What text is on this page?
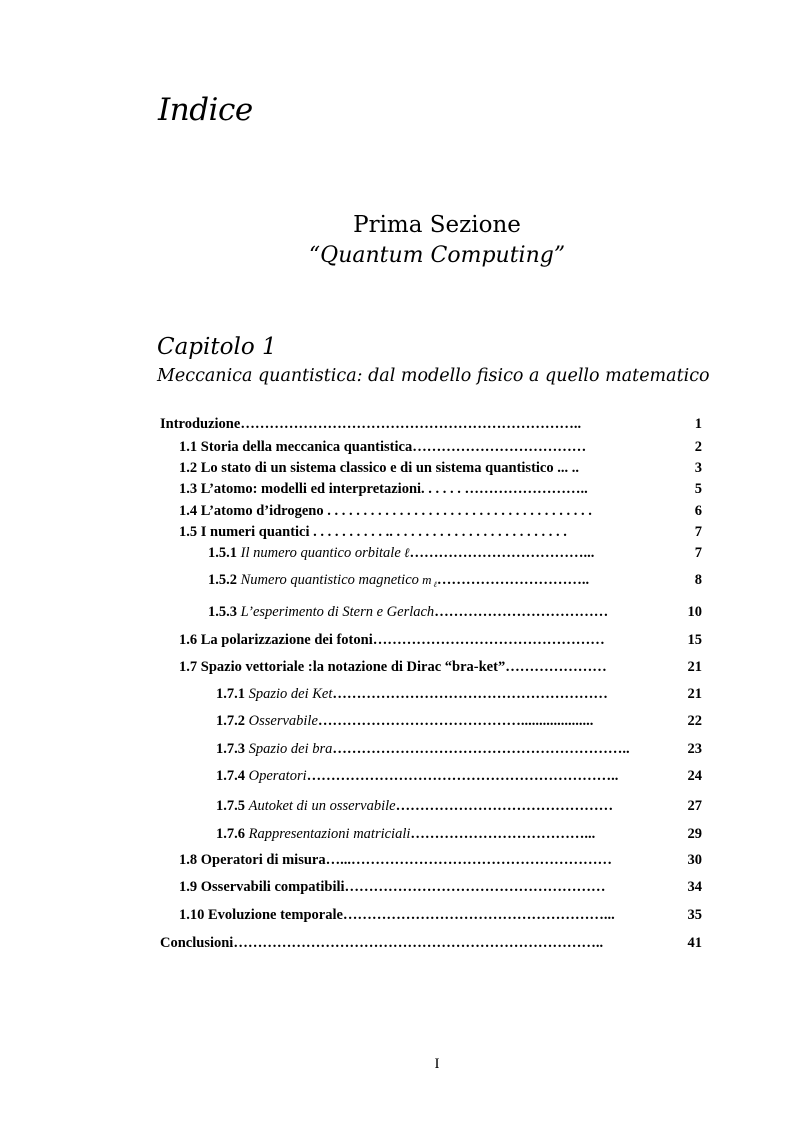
Indice
Prima Sezione
“Quantum Computing”
Capitolo 1
Meccanica quantistica: dal modello fisico a quello matematico
Introduzione……………………………………………………………..	1
1.1 Storia della meccanica quantistica………………………………	2
1.2 Lo stato di un sistema classico e di un sistema quantistico ... ..	3
1.3 L’atomo: modelli ed interpretazioni. . . . . . ……………………..	5
1.4 L’atomo d’idrogeno . . . . . . . . . . . . . . . . . . . . . . . . . . . . . . . . . . . . .	6
1.5 I numeri quantici . . . . . . . . . . .. . . . . . . . . . . . . . . . . . . . . . . . .	7
1.5.1 Il numero quantico orbitale ℓ………………………………...	7
1.5.2 Numero quantistico magnetico m $_\ell$…………………………..	8
1.5.3 L’esperimento di Stern e Gerlach………………………………	10
1.6 La polarizzazione dei fotoni…………………………………………	15
1.7 Spazio vettoriale :la notazione di Dirac “bra-ket”…………………	21
1.7.1 Spazio dei Ket…………………………………………………	21
1.7.2 Osservabile……………………………………....................	22
1.7.3 Spazio dei bra……………………………………………………..	23
1.7.4 Operatori………………………………………………………..	24
1.7.5 Autoket di un osservabile………………………………………	27
1.7.6 Rappresentazioni matriciali………………………………...	29
1.8 Operatori di misura…...………………………………………………	30
1.9 Osservabili compatibili………………………………………………	34
1.10 Evoluzione temporale………………………………………………...	35
Conclusioni…………………………………………………………………..	41
I
